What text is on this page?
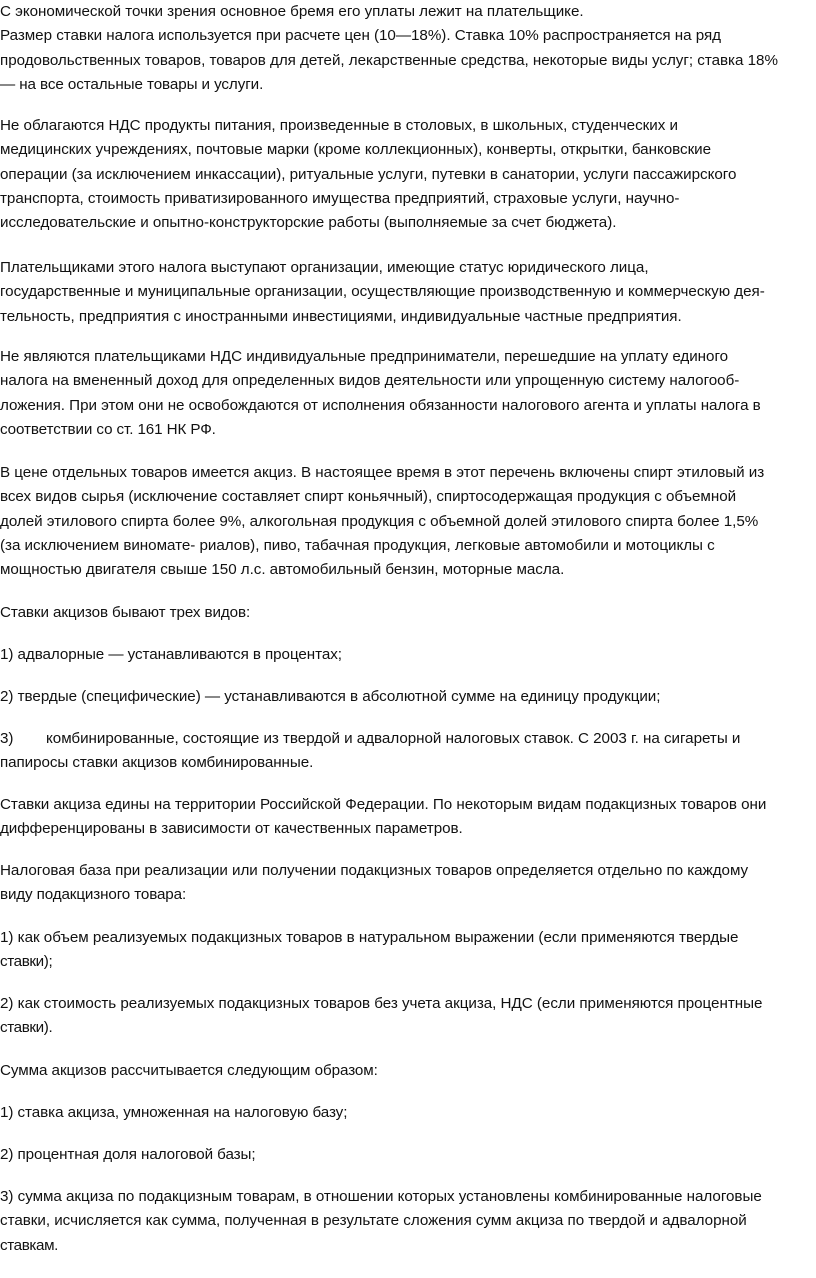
С экономической точки зрения основное бремя его уплаты лежит на плательщике.
Размер ставки налога используется при расчете цен (10—18%). Ставка 10% распространяется на ряд
продовольственных товаров, товаров для детей, лекарственные средства, некоторые виды услуг; ставка 18%
— на все остальные товары и услуги.

Не облагаются НДС продукты питания, произведенные в столовых, в школьных, студенческих и
медицинских учреждениях, почтовые марки (кроме коллекционных), конверты, открытки, банковские
операции (за исключением инкассации), ритуальные услуги, путевки в санатории, услуги пассажирского
транспорта, стоимость приватизированного имущества предприятий, страховые услуги, научно-
исследовательские и опытно-конструкторские работы (выполняемые за счет бюджета).

Плательщиками этого налога выступают организации, имеющие статус юридического лица,
государственные и муниципальные организации, осуществляющие производственную и коммерческую дея-
тельность, предприятия с иностранными инвестициями, индивидуальные частные предприятия.

Не являются плательщиками НДС индивидуальные предприниматели, перешедшие на уплату единого
налога на вмененный доход для определенных видов деятельности или упрощенную систему налогооб-
ложения. При этом они не освобождаются от исполнения обязанности налогового агента и уплаты налога в
соответствии со ст. 161 НК РФ.

В цене отдельных товаров имеется акциз. В настоящее время в этот перечень включены спирт этиловый из
всех видов сырья (исключение составляет спирт коньячный), спиртосодержащая продукция с объемной
долей этилового спирта более 9%, алкогольная продукция с объемной долей этилового спирта более 1,5%
(за исключением виномате- риалов), пиво, табачная продукция, легковые автомобили и мотоциклы с
мощностью двигателя свыше 150 л.с. автомобильный бензин, моторные масла.

Ставки акцизов бывают трех видов:

1) адвалорные — устанавливаются в процентах;

2) твердые (специфические) — устанавливаются в абсолютной сумме на единицу продукции;

3) комбинированные, состоящие из твердой и адвалорной налоговых ставок. С 2003 г. на сигареты и
папиросы ставки акцизов комбинированные.

Ставки акциза едины на территории Российской Федерации. По некоторым видам подакцизных товаров они
дифференцированы в зависимости от качественных параметров.

Налоговая база при реализации или получении подакцизных товаров определяется отдельно по каждому
виду подакцизного товара:

1) как объем реализуемых подакцизных товаров в натуральном выражении (если применяются твердые
ставки);

2) как стоимость реализуемых подакцизных товаров без учета акциза, НДС (если применяются процентные
ставки).

Сумма акцизов рассчитывается следующим образом:

1) ставка акциза, умноженная на налоговую базу;

2) процентная доля налоговой базы;

3) сумма акциза по подакцизным товарам, в отношении которых установлены комбинированные налоговые
ставки, исчисляется как сумма, полученная в результате сложения сумм акциза по твердой и адвалорной
ставкам.
